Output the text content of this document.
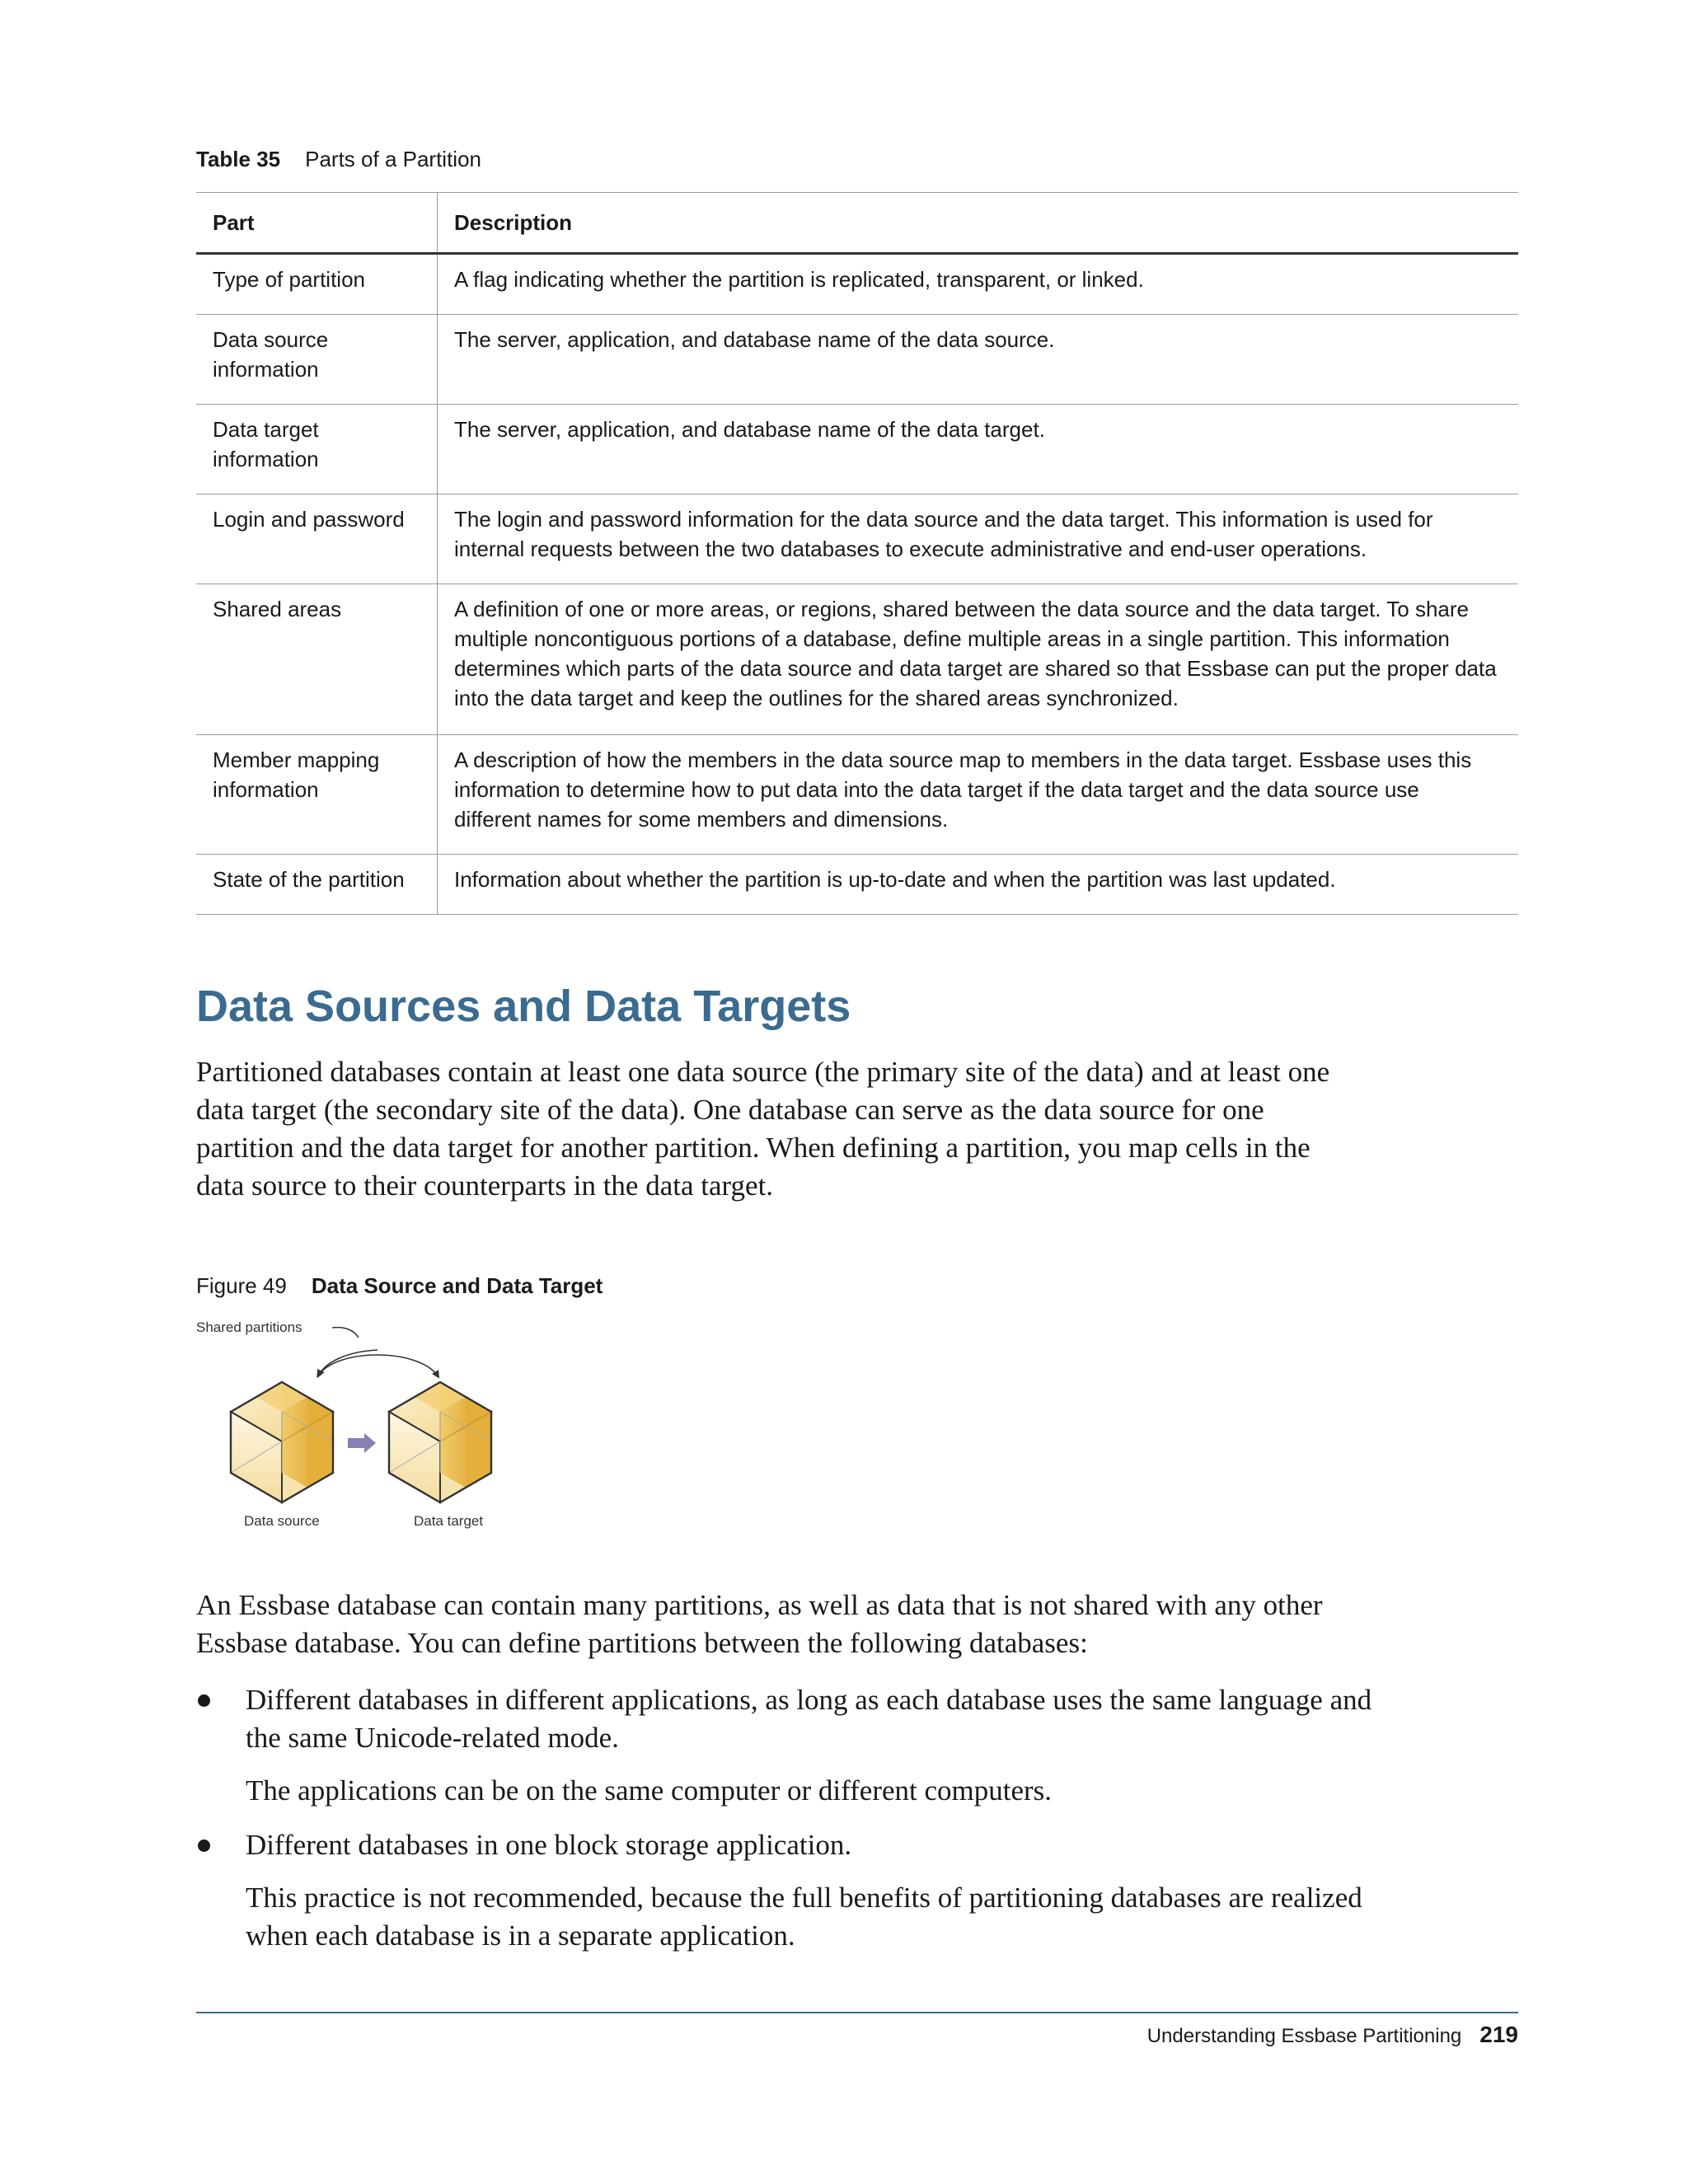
Table 35 Parts of a Partition
Part	Description
Type of partition	A flag indicating whether the partition is replicated, transparent, or linked.
Data source information	The server, application, and database name of the data source.
Data target information	The server, application, and database name of the data target.
Login and password	The login and password information for the data source and the data target. This information is used for internal requests between the two databases to execute administrative and end-user operations.
Shared areas	A definition of one or more areas, or regions, shared between the data source and the data target. To share multiple noncontiguous portions of a database, define multiple areas in a single partition. This information determines which parts of the data source and data target are shared so that Essbase can put the proper data into the data target and keep the outlines for the shared areas synchronized.
Member mapping information	A description of how the members in the data source map to members in the data target. Essbase uses this information to determine how to put data into the data target if the data target and the data source use different names for some members and dimensions.
State of the partition	Information about whether the partition is up-to-date and when the partition was last updated.
Data Sources and Data Targets

Partitioned databases contain at least one data source (the primary site of the data) and at least one data target (the secondary site of the data). One database can serve as the data source for one partition and the data target for another partition. When defining a partition, you map cells in the data source to their counterparts in the data target.

Figure 49 Data Source and Data Target
Shared partitions
Data source	Data target

An Essbase database can contain many partitions, as well as data that is not shared with any other Essbase database. You can define partitions between the following databases:

Different databases in different applications, as long as each database uses the same language and the same Unicode-related mode.
The applications can be on the same computer or different computers.
Different databases in one block storage application.
This practice is not recommended, because the full benefits of partitioning databases are realized when each database is in a separate application.
Understanding Essbase Partitioning 219
